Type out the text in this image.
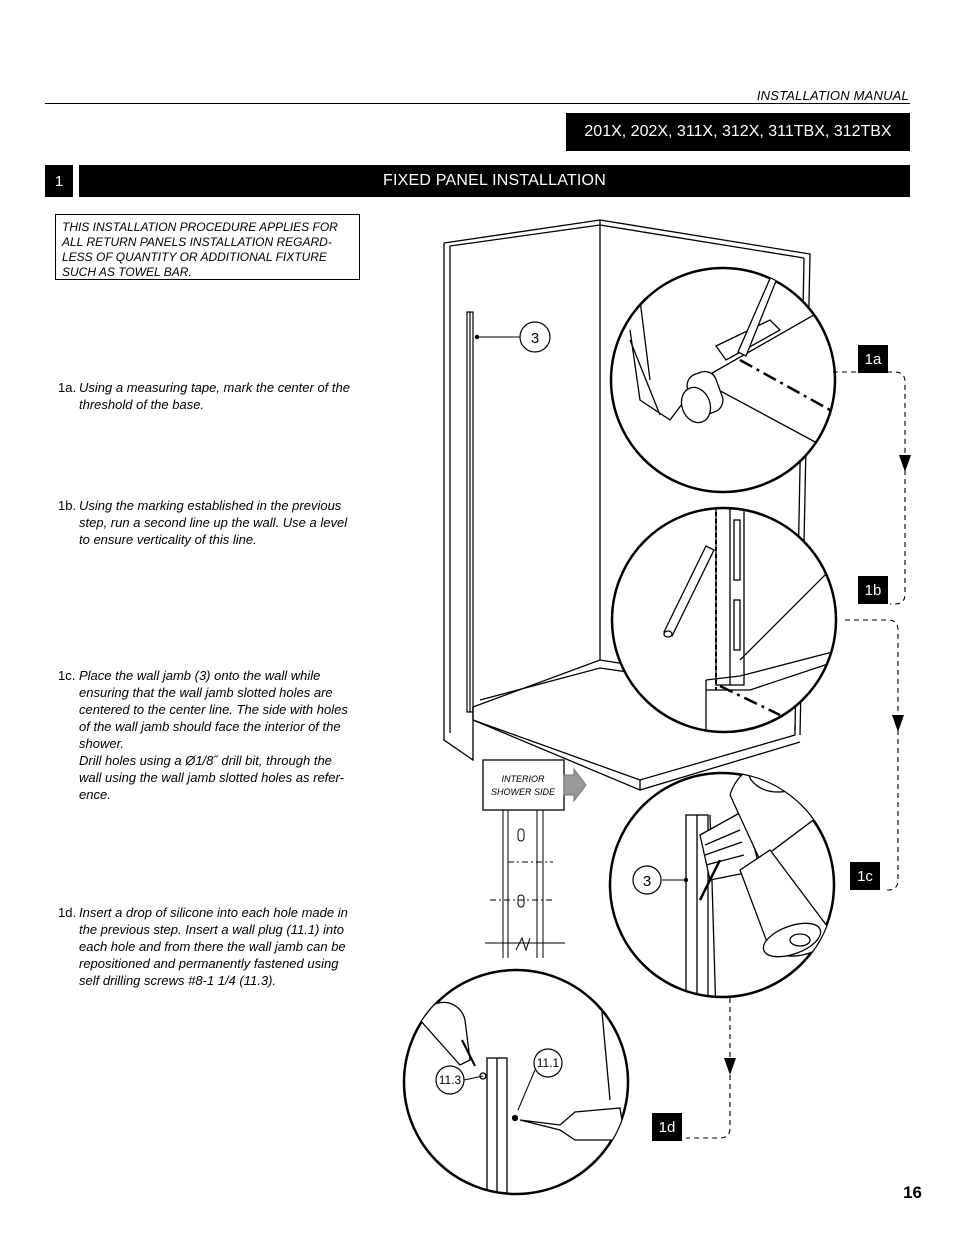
INSTALLATION MANUAL
201X, 202X, 311X, 312X, 311TBX, 312TBX
1	FIXED PANEL INSTALLATION
THIS INSTALLATION PROCEDURE APPLIES FOR
ALL RETURN PANELS INSTALLATION REGARD-
LESS OF QUANTITY OR ADDITIONAL FIXTURE
SUCH AS TOWEL BAR.
1a. Using a measuring tape, mark the center of the
threshold of the base.
1b. Using the marking established in the previous
step, run a second line up the wall. Use a level
to ensure verticality of this line.
1c. Place the wall jamb (3) onto the wall while
ensuring that the wall jamb slotted holes are
centered to the center line. The side with holes
of the wall jamb should face the interior of the
shower.
Drill holes using a Ø1/8˝ drill bit, through the
wall using the wall jamb slotted holes as refer-
ence.
1d. Insert a drop of silicone into each hole made in
the previous step. Insert a wall plug (11.1) into
each hole and from there the wall jamb can be
repositioned and permanently fastened using
self drilling screws #8-1 1/4 (11.3).
3
3
11.3
11.1
INTERIOR
SHOWER SIDE
1a
1b
1c
1d
16
